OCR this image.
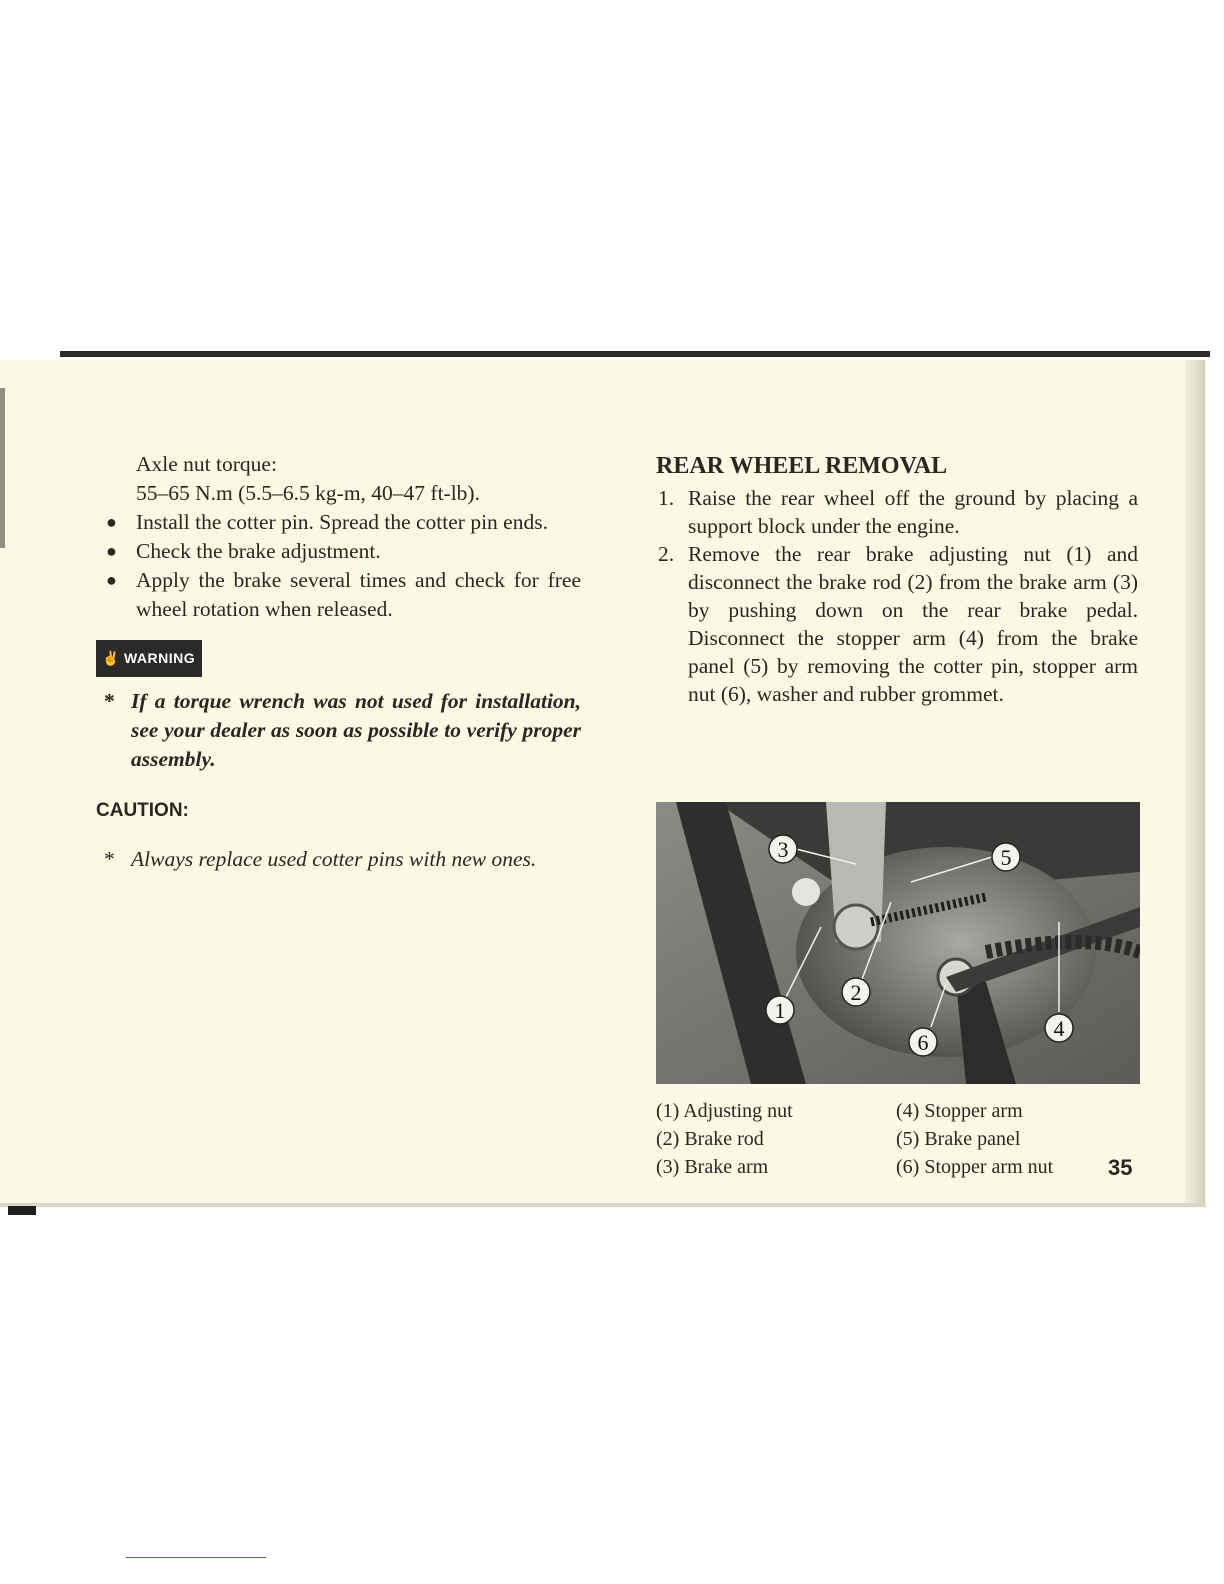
Axle nut torque:
55–65 N.m (5.5–6.5 kg-m, 40–47 ft-lb).
● Install the cotter pin. Spread the cotter pin ends.
● Check the brake adjustment.
● Apply the brake several times and check for free wheel rotation when released.
✌ WARNING
* If a torque wrench was not used for installation, see your dealer as soon as possible to verify proper assembly.
CAUTION:
* Always replace used cotter pins with new ones.
REAR WHEEL REMOVAL
1. Raise the rear wheel off the ground by placing a support block under the engine.
2. Remove the rear brake adjusting nut (1) and disconnect the brake rod (2) from the brake arm (3) by pushing down on the rear brake pedal. Disconnect the stopper arm (4) from the brake panel (5) by removing the cotter pin, stopper arm nut (6), washer and rubber grommet.
3	5
2
1
6
4
(1) Adjusting nut
(2) Brake rod
(3) Brake arm
(4) Stopper arm
(5) Brake panel
(6) Stopper arm nut 35
